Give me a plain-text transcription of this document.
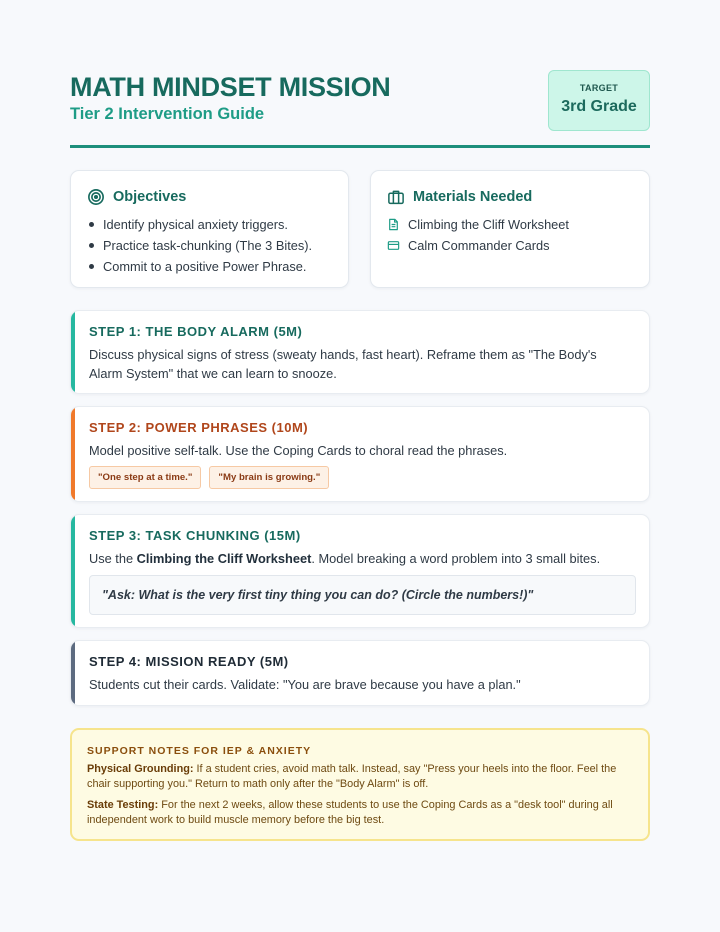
MATH MINDSET MISSION
Tier 2 Intervention Guide
TARGET
3rd Grade
Objectives
Identify physical anxiety triggers.
Practice task-chunking (The 3 Bites).
Commit to a positive Power Phrase.
Materials Needed
Climbing the Cliff Worksheet
Calm Commander Cards
STEP 1: THE BODY ALARM (5M)
Discuss physical signs of stress (sweaty hands, fast heart). Reframe them as "The Body's Alarm System" that we can learn to snooze.
STEP 2: POWER PHRASES (10M)
Model positive self-talk. Use the Coping Cards to choral read the phrases.
"One step at a time."	"My brain is growing."
STEP 3: TASK CHUNKING (15M)
Use the Climbing the Cliff Worksheet. Model breaking a word problem into 3 small bites.
"Ask: What is the very first tiny thing you can do? (Circle the numbers!)"
STEP 4: MISSION READY (5M)
Students cut their cards. Validate: "You are brave because you have a plan."
SUPPORT NOTES FOR IEP & ANXIETY

Physical Grounding: If a student cries, avoid math talk. Instead, say "Press your heels into the floor. Feel the chair supporting you." Return to math only after the "Body Alarm" is off.

State Testing: For the next 2 weeks, allow these students to use the Coping Cards as a "desk tool" during all independent work to build muscle memory before the big test.
